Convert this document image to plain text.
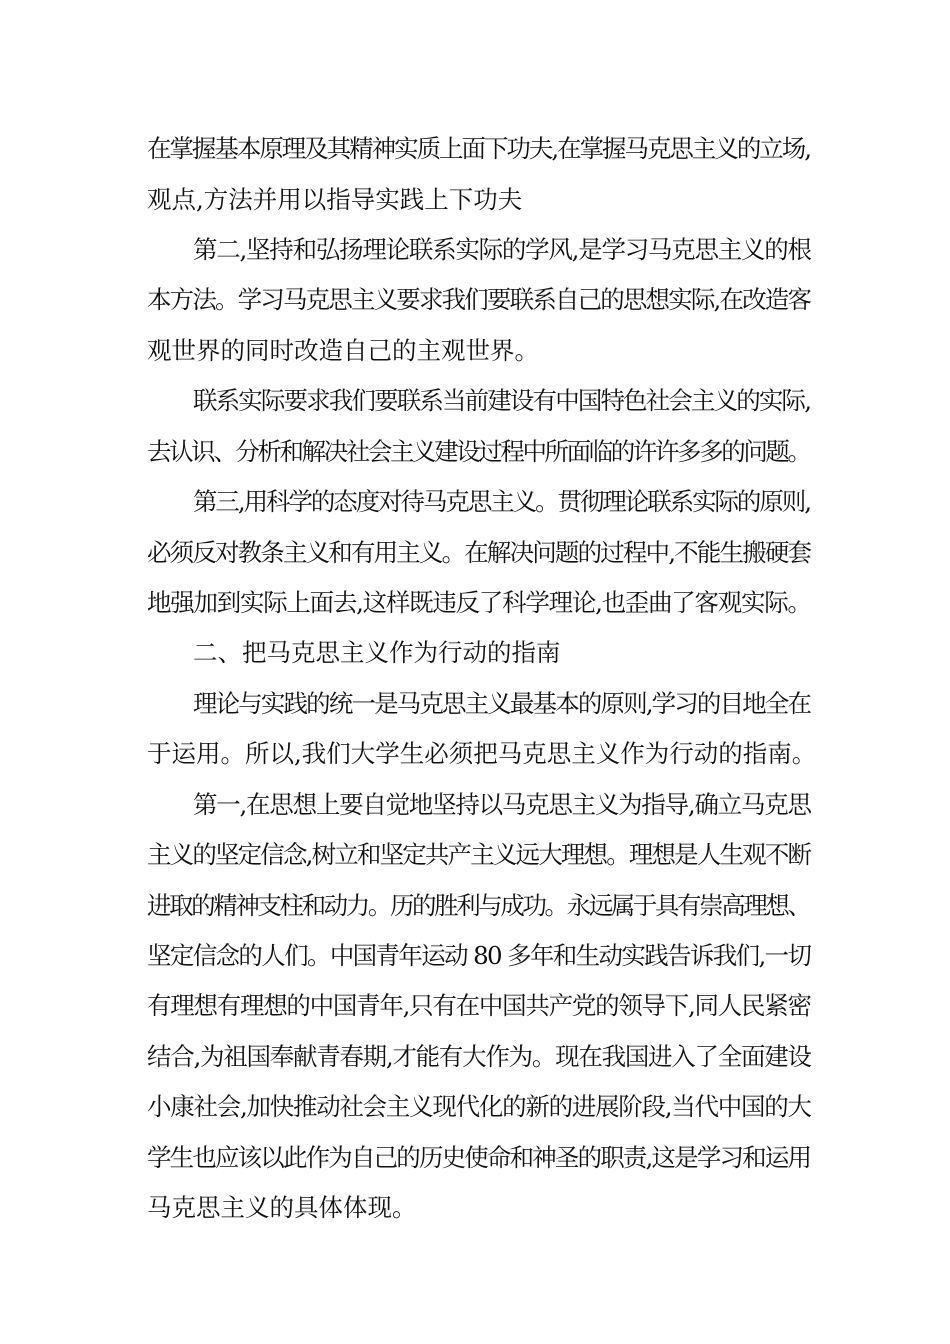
在掌握基本原理及其精神实质上面下功夫,在掌握马克思主义的立场,
观点,方法并用以指导实践上下功夫
第二,坚持和弘扬理论联系实际的学风,是学习马克思主义的根
本方法。学习马克思主义要求我们要联系自己的思想实际,在改造客
观世界的同时改造自己的主观世界。
联系实际要求我们要联系当前建设有中国特色社会主义的实际,
去认识、分析和解决社会主义建设过程中所面临的许许多多的问题。
第三,用科学的态度对待马克思主义。贯彻理论联系实际的原则,
必须反对教条主义和有用主义。在解决问题的过程中,不能生搬硬套
地强加到实际上面去,这样既违反了科学理论,也歪曲了客观实际。
二、把马克思主义作为行动的指南
理论与实践的统一是马克思主义最基本的原则,学习的目地全在
于运用。所以,我们大学生必须把马克思主义作为行动的指南。
第一,在思想上要自觉地坚持以马克思主义为指导,确立马克思
主义的坚定信念,树立和坚定共产主义远大理想。理想是人生观不断
进取的精神支柱和动力。历的胜利与成功。永远属于具有崇高理想、
坚定信念的人们。中国青年运动 80 多年和生动实践告诉我们,一切
有理想有理想的中国青年,只有在中国共产党的领导下,同人民紧密
结合,为祖国奉献青春期,才能有大作为。现在我国进入了全面建设
小康社会,加快推动社会主义现代化的新的进展阶段,当代中国的大
学生也应该以此作为自己的历史使命和神圣的职责,这是学习和运用
马克思主义的具体体现。
